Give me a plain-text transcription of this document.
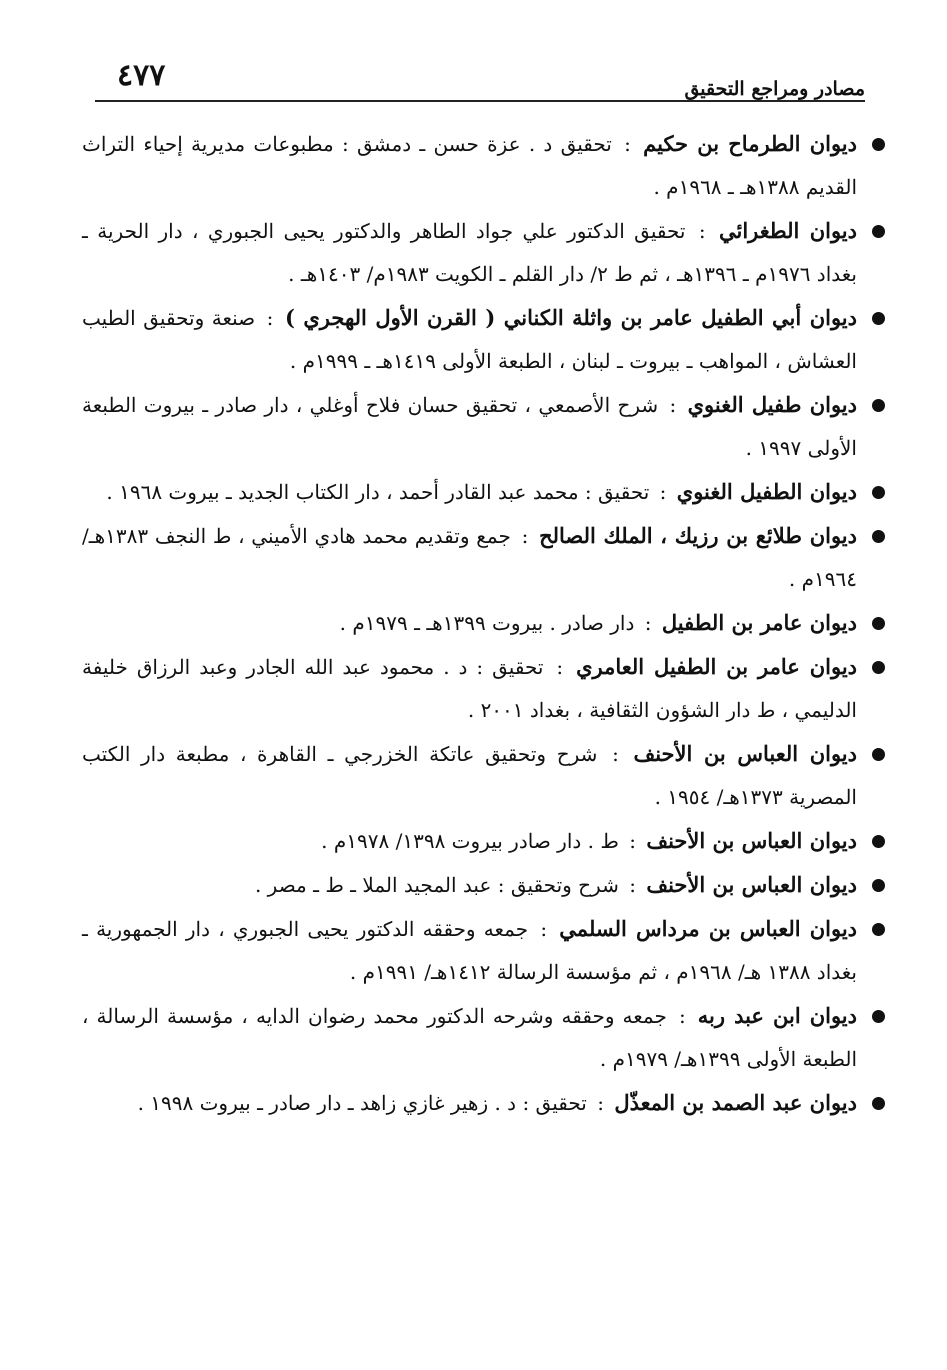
٤٧٧	مصادر ومراجع التحقيق
ديوان الطرماح بن حكيم : تحقيق د . عزة حسن ـ دمشق : مطبوعات مديرية إحياء التراث القديم ١٣٨٨هـ ـ ١٩٦٨م .
ديوان الطغرائي : تحقيق الدكتور علي جواد الطاهر والدكتور يحيى الجبوري ، دار الحرية ـ بغداد ١٩٧٦م ـ ١٣٩٦هـ ، ثم ط ٢/ دار القلم ـ الكويت ١٩٨٣م/ ١٤٠٣هـ .
ديوان أبي الطفيل عامر بن واثلة الكناني ( القرن الأول الهجري ) : صنعة وتحقيق الطيب العشاش ، المواهب ـ بيروت ـ لبنان ، الطبعة الأولى ١٤١٩هـ ـ ١٩٩٩م .
ديوان طفيل الغنوي : شرح الأصمعي ، تحقيق حسان فلاح أوغلي ، دار صادر ـ بيروت الطبعة الأولى ١٩٩٧ .
ديوان الطفيل الغنوي : تحقيق : محمد عبد القادر أحمد ، دار الكتاب الجديد ـ بيروت ١٩٦٨ .
ديوان طلائع بن رزيك ، الملك الصالح : جمع وتقديم محمد هادي الأميني ، ط النجف ١٣٨٣هـ/ ١٩٦٤م .
ديوان عامر بن الطفيل : دار صادر . بيروت ١٣٩٩هـ ـ ١٩٧٩م .
ديوان عامر بن الطفيل العامري : تحقيق : د . محمود عبد الله الجادر وعبد الرزاق خليفة الدليمي ، ط دار الشؤون الثقافية ، بغداد ٢٠٠١ .
ديوان العباس بن الأحنف : شرح وتحقيق عاتكة الخزرجي ـ القاهرة ، مطبعة دار الكتب المصرية ١٣٧٣هـ/ ١٩٥٤ .
ديوان العباس بن الأحنف : ط . دار صادر بيروت ١٣٩٨/ ١٩٧٨م .
ديوان العباس بن الأحنف : شرح وتحقيق : عبد المجيد الملا ـ ط ـ مصر .
ديوان العباس بن مرداس السلمي : جمعه وحققه الدكتور يحيى الجبوري ، دار الجمهورية ـ بغداد ١٣٨٨ هـ/ ١٩٦٨م ، ثم مؤسسة الرسالة ١٤١٢هـ/ ١٩٩١م .
ديوان ابن عبد ربه : جمعه وحققه وشرحه الدكتور محمد رضوان الدايه ، مؤسسة الرسالة ، الطبعة الأولى ١٣٩٩هـ/ ١٩٧٩م .
ديوان عبد الصمد بن المعذّل : تحقيق : د . زهير غازي زاهد ـ دار صادر ـ بيروت ١٩٩٨ .
